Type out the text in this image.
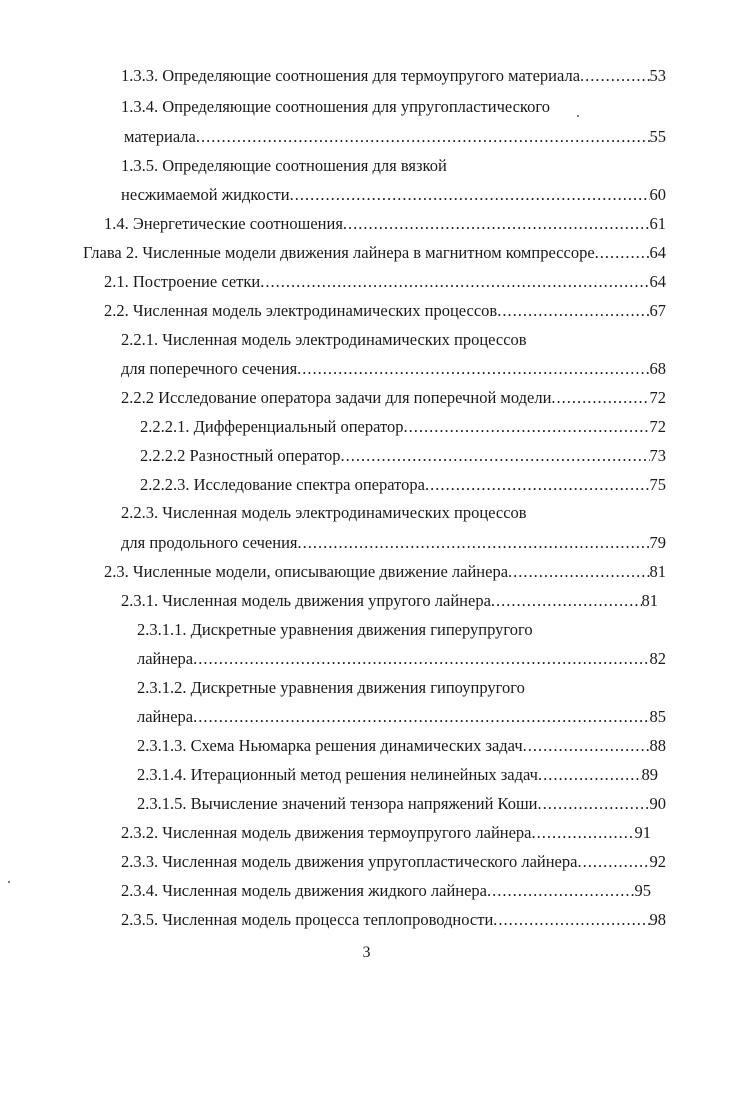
1.3.3. Определяющие соотношения для термоупругого материала .....	53
1.3.4. Определяющие соотношения для упругопластического
материала .....	55
1.3.5. Определяющие соотношения для вязкой
несжимаемой жидкости .....	60
1.4. Энергетические соотношения .....	61
Глава 2. Численные модели движения лайнера в магнитном компрессоре .....	64
2.1. Построение сетки .....	64
2.2. Численная модель электродинамических процессов .....	67
2.2.1. Численная модель электродинамических процессов
для поперечного сечения .....	68
2.2.2 Исследование оператора задачи для поперечной модели .....	72
2.2.2.1. Дифференциальный оператор .....	72
2.2.2.2 Разностный оператор .....	73
2.2.2.3. Исследование спектра оператора .....	75
2.2.3. Численная модель электродинамических процессов
для продольного сечения .....	79
2.3. Численные модели, описывающие движение лайнера .....	81
2.3.1. Численная модель движения упругого лайнера .....	81
2.3.1.1. Дискретные уравнения движения гиперупругого
лайнера .....	82
2.3.1.2. Дискретные уравнения движения гипоупругого
лайнера .....	85
2.3.1.3. Схема Ньюмарка решения динамических задач .....	88
2.3.1.4. Итерационный метод решения нелинейных задач .....	89
2.3.1.5. Вычисление значений тензора напряжений Коши .....	90
2.3.2. Численная модель движения термоупругого лайнера .....	91
2.3.3. Численная модель движения упругопластического лайнера .....	92
2.3.4. Численная модель движения жидкого лайнера .....	95
2.3.5. Численная модель процесса теплопроводности .....	98
3
